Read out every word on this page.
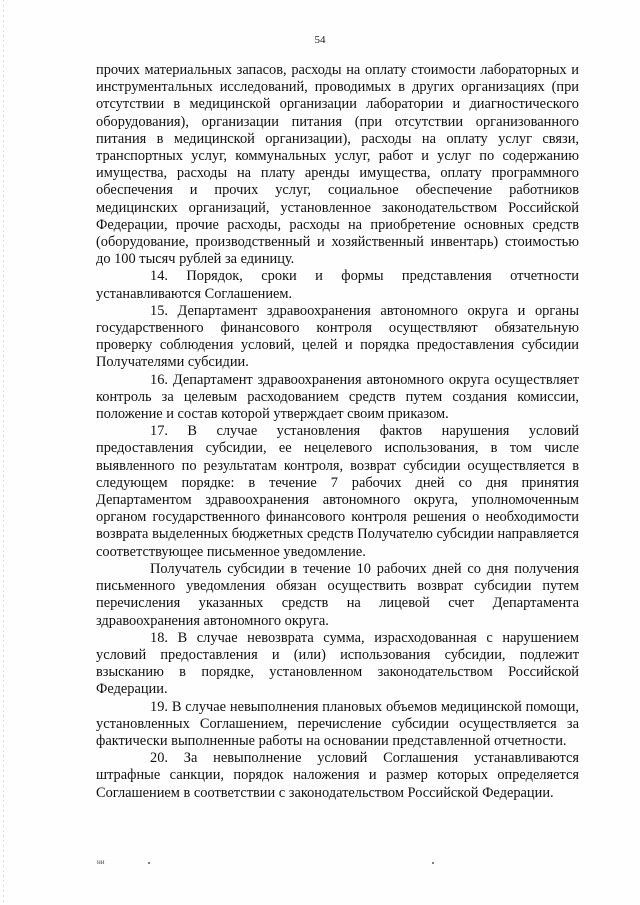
54

прочих материальных запасов, расходы на оплату стоимости лабораторных и инструментальных исследований, проводимых в других организациях (при отсутствии в медицинской организации лаборатории и диагностического оборудования), организации питания (при отсутствии организованного питания в медицинской организации), расходы на оплату услуг связи, транспортных услуг, коммунальных услуг, работ и услуг по содержанию имущества, расходы на плату аренды имущества, оплату программного обеспечения и прочих услуг, социальное обеспечение работников медицинских организаций, установленное законодательством Российской Федерации, прочие расходы, расходы на приобретение основных средств (оборудование, производственный и хозяйственный инвентарь) стоимостью до 100 тысяч рублей за единицу.

14. Порядок, сроки и формы представления отчетности устанавливаются Соглашением.

15. Департамент здравоохранения автономного округа и органы государственного финансового контроля осуществляют обязательную проверку соблюдения условий, целей и порядка предоставления субсидии Получателями субсидии.

16. Департамент здравоохранения автономного округа осуществляет контроль за целевым расходованием средств путем создания комиссии, положение и состав которой утверждает своим приказом.

17. В случае установления фактов нарушения условий предоставления субсидии, ее нецелевого использования, в том числе выявленного по результатам контроля, возврат субсидии осуществляется в следующем порядке: в течение 7 рабочих дней со дня принятия Департаментом здравоохранения автономного округа, уполномоченным органом государственного финансового контроля решения о необходимости возврата выделенных бюджетных средств Получателю субсидии направляется соответствующее письменное уведомление.

Получатель субсидии в течение 10 рабочих дней со дня получения письменного уведомления обязан осуществить возврат субсидии путем перечисления указанных средств на лицевой счет Департамента здравоохранения автономного округа.

18. В случае невозврата сумма, израсходованная с нарушением условий предоставления и (или) использования субсидии, подлежит взысканию в порядке, установленном законодательством Российской Федерации.

19. В случае невыполнения плановых объемов медицинской помощи, установленных Соглашением, перечисление субсидии осуществляется за фактически выполненные работы на основании представленной отчетности.

20. За невыполнение условий Соглашения устанавливаются штрафные санкции, порядок наложения и размер которых определяется Соглашением в соответствии с законодательством Российской Федерации.

ни
